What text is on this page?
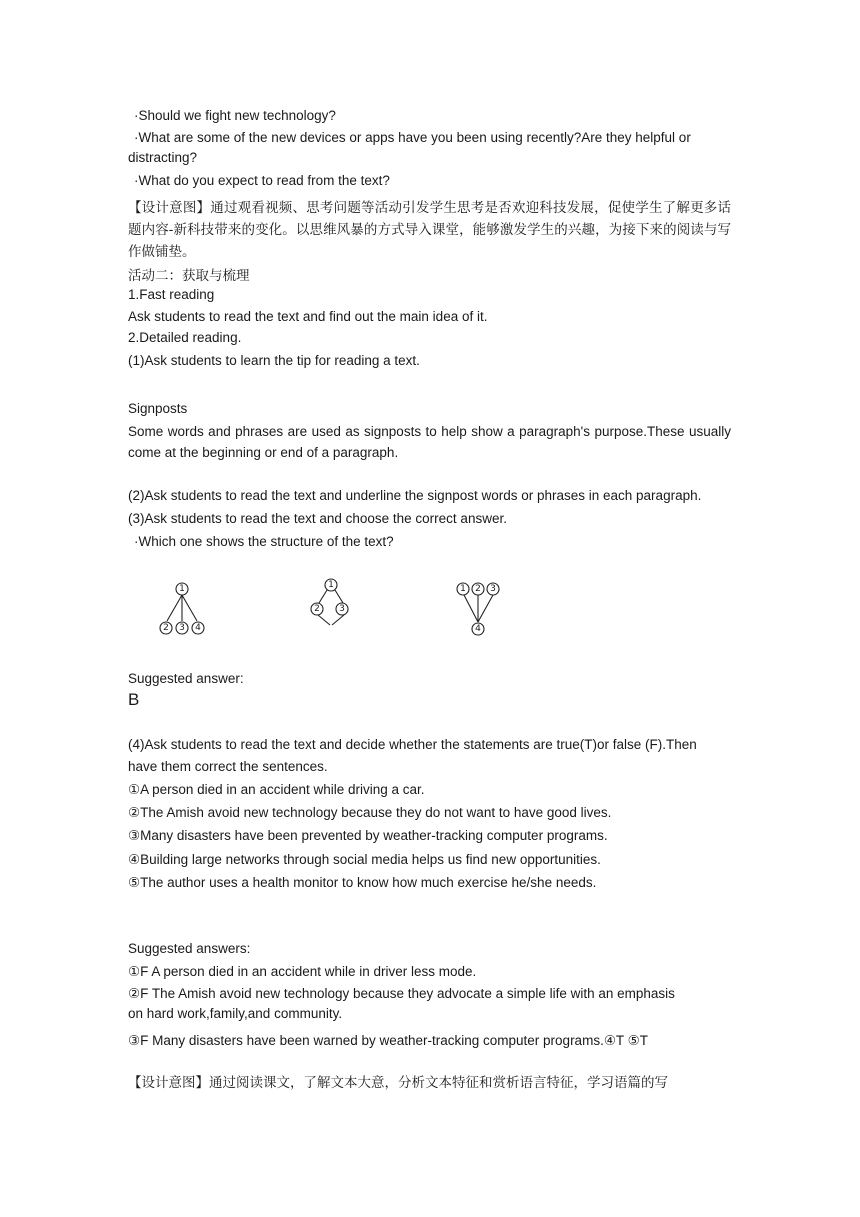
·Should we fight new technology?
·What are some of the new devices or apps have you been using recently?Are they helpful or
distracting?
·What do you expect to read from the text?
【设计意图】通过观看视频、思考问题等活动引发学生思考是否欢迎科技发展，促使学生了解更多话题内容-新科技带来的变化。以思维风暴的方式导入课堂，能够激发学生的兴趣，为接下来的阅读与写作做铺垫。
活动二：获取与梳理
1.Fast reading
Ask students to read the text and find out the main idea of it.
2.Detailed reading.
(1)Ask students to learn the tip for reading a text.
Signposts
Some words and phrases are used as signposts to help show a paragraph's purpose.These usually come at the beginning or end of a paragraph.
(2)Ask students to read the text and underline the signpost words or phrases in each paragraph.
(3)Ask students to read the text and choose the correct answer.
·Which one shows the structure of the text?
1
2 3 4
1
2 3
1 2 3
4
Suggested answer:
B
(4)Ask students to read the text and decide whether the statements are true(T)or false (F).Then
have them correct the sentences.
①A person died in an accident while driving a car.
②The Amish avoid new technology because they do not want to have good lives.
③Many disasters have been prevented by weather-tracking computer programs.
④Building large networks through social media helps us find new opportunities.
⑤The author uses a health monitor to know how much exercise he/she needs.
Suggested answers:
①F A person died in an accident while in driver less mode.
②F The Amish avoid new technology because they advocate a simple life with an emphasis
on hard work,family,and community.
③F Many disasters have been warned by weather-tracking computer programs.④T ⑤T
【设计意图】通过阅读课文，了解文本大意，分析文本特征和赏析语言特征，学习语篇的写
